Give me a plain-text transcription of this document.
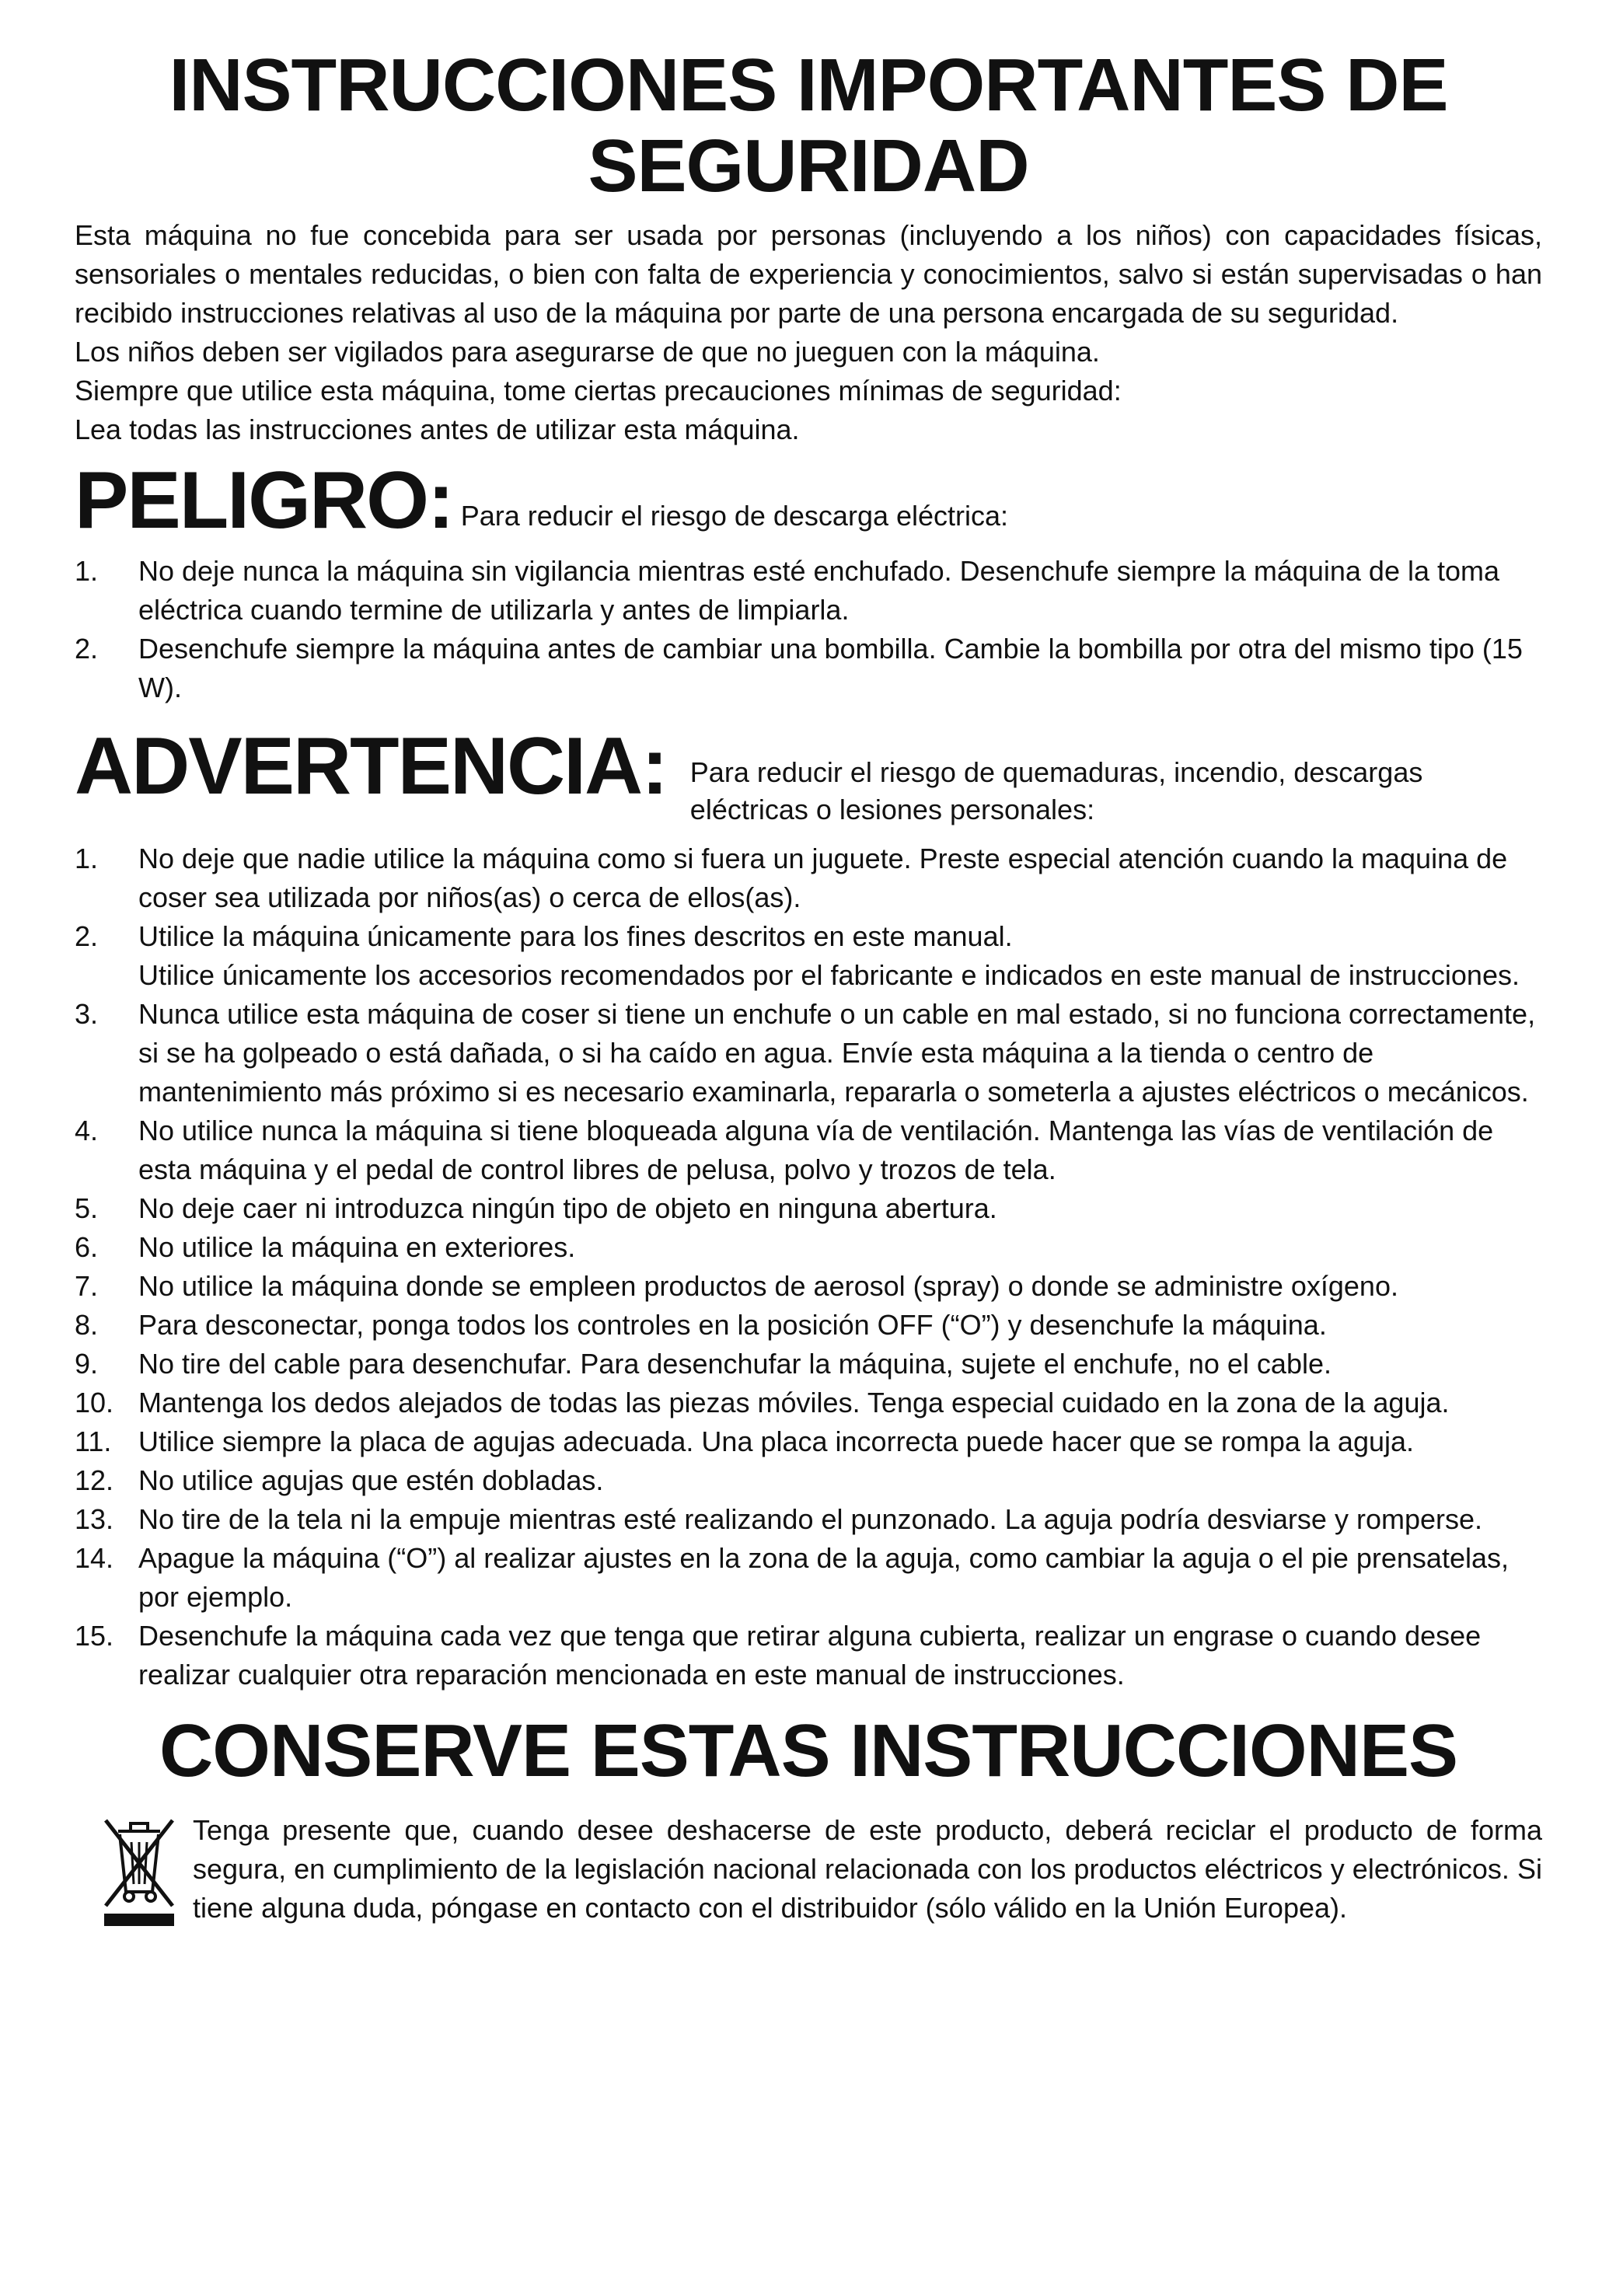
INSTRUCCIONES IMPORTANTES DE
SEGURIDAD

Esta máquina no fue concebida para ser usada por personas (incluyendo a los niños) con capacidades físicas, sensoriales o mentales reducidas, o bien con falta de experiencia y conocimientos, salvo si están supervisadas o han recibido instrucciones relativas al uso de la máquina por parte de una persona encargada de su seguridad.

Los niños deben ser vigilados para asegurarse de que no jueguen con la máquina.

Siempre que utilice esta máquina, tome ciertas precauciones mínimas de seguridad:

Lea todas las instrucciones antes de utilizar esta máquina.

PELIGRO: Para reducir el riesgo de descarga eléctrica:
1.	No deje nunca la máquina sin vigilancia mientras esté enchufado. Desenchufe siempre la máquina de la toma eléctrica cuando termine de utilizarla y antes de limpiarla.
2.	Desenchufe siempre la máquina antes de cambiar una bombilla. Cambie la bombilla por otra del mismo tipo (15 W).
ADVERTENCIA: Para reducir el riesgo de quemaduras, incendio, descargas eléctricas o lesiones personales:
1.	No deje que nadie utilice la máquina como si fuera un juguete. Preste especial atención cuando la maquina de coser sea utilizada por niños(as) o cerca de ellos(as).
2.	Utilice la máquina únicamente para los fines descritos en este manual.
Utilice únicamente los accesorios recomendados por el fabricante e indicados en este manual de instrucciones.
3.	Nunca utilice esta máquina de coser si tiene un enchufe o un cable en mal estado, si no funciona correctamente, si se ha golpeado o está dañada, o si ha caído en agua. Envíe esta máquina a la tienda o centro de mantenimiento más próximo si es necesario examinarla, repararla o someterla a ajustes eléctricos o mecánicos.
4.	No utilice nunca la máquina si tiene bloqueada alguna vía de ventilación. Mantenga las vías de ventilación de esta máquina y el pedal de control libres de pelusa, polvo y trozos de tela.
5.	No deje caer ni introduzca ningún tipo de objeto en ninguna abertura.
6.	No utilice la máquina en exteriores.
7.	No utilice la máquina donde se empleen productos de aerosol (spray) o donde se administre oxígeno.
8.	Para desconectar, ponga todos los controles en la posición OFF (“O”) y desenchufe la máquina.
9.	No tire del cable para desenchufar. Para desenchufar la máquina, sujete el enchufe, no el cable.
10. Mantenga los dedos alejados de todas las piezas móviles. Tenga especial cuidado en la zona de la aguja.
11. Utilice siempre la placa de agujas adecuada. Una placa incorrecta puede hacer que se rompa la aguja.
12. No utilice agujas que estén dobladas.
13. No tire de la tela ni la empuje mientras esté realizando el punzonado. La aguja podría desviarse y romperse.
14. Apague la máquina (“O”) al realizar ajustes en la zona de la aguja, como cambiar la aguja o el pie prensatelas, por ejemplo.
15. Desenchufe la máquina cada vez que tenga que retirar alguna cubierta, realizar un engrase o cuando desee realizar cualquier otra reparación mencionada en este manual de instrucciones.
CONSERVE ESTAS INSTRUCCIONES
Tenga presente que, cuando desee deshacerse de este producto, deberá reciclar el producto de forma segura, en cumplimiento de la legislación nacional relacionada con los productos eléctricos y electrónicos. Si tiene alguna duda, póngase en contacto con el distribuidor (sólo válido en la Unión Europea).
